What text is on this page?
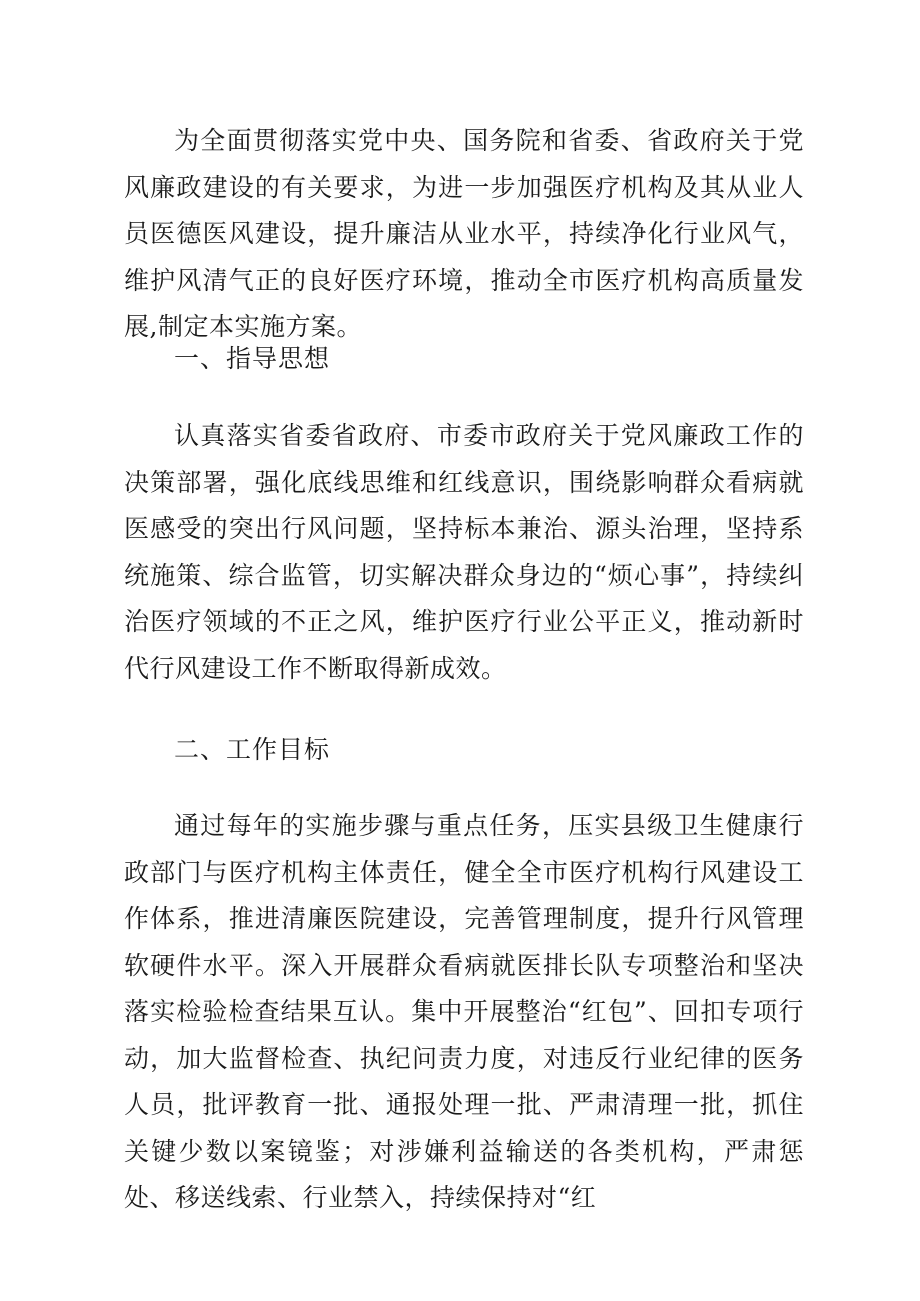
为全面贯彻落实党中央、国务院和省委、省政府关于党风廉政建设的有关要求，为进一步加强医疗机构及其从业人员医德医风建设，提升廉洁从业水平，持续净化行业风气，维护风清气正的良好医疗环境，推动全市医疗机构高质量发展,制定本实施方案。

一、指导思想

认真落实省委省政府、市委市政府关于党风廉政工作的决策部署，强化底线思维和红线意识，围绕影响群众看病就医感受的突出行风问题，坚持标本兼治、源头治理，坚持系统施策、综合监管，切实解决群众身边的“烦心事”，持续纠治医疗领域的不正之风，维护医疗行业公平正义，推动新时代行风建设工作不断取得新成效。

二、工作目标

通过每年的实施步骤与重点任务，压实县级卫生健康行政部门与医疗机构主体责任，健全全市医疗机构行风建设工作体系，推进清廉医院建设，完善管理制度，提升行风管理软硬件水平。深入开展群众看病就医排长队专项整治和坚决落实检验检查结果互认。集中开展整治“红包”、回扣专项行动，加大监督检查、执纪问责力度，对违反行业纪律的医务人员，批评教育一批、通报处理一批、严肃清理一批，抓住关键少数以案镜鉴；对涉嫌利益输送的各类机构，严肃惩处、移送线索、行业禁入，持续保持对“红
